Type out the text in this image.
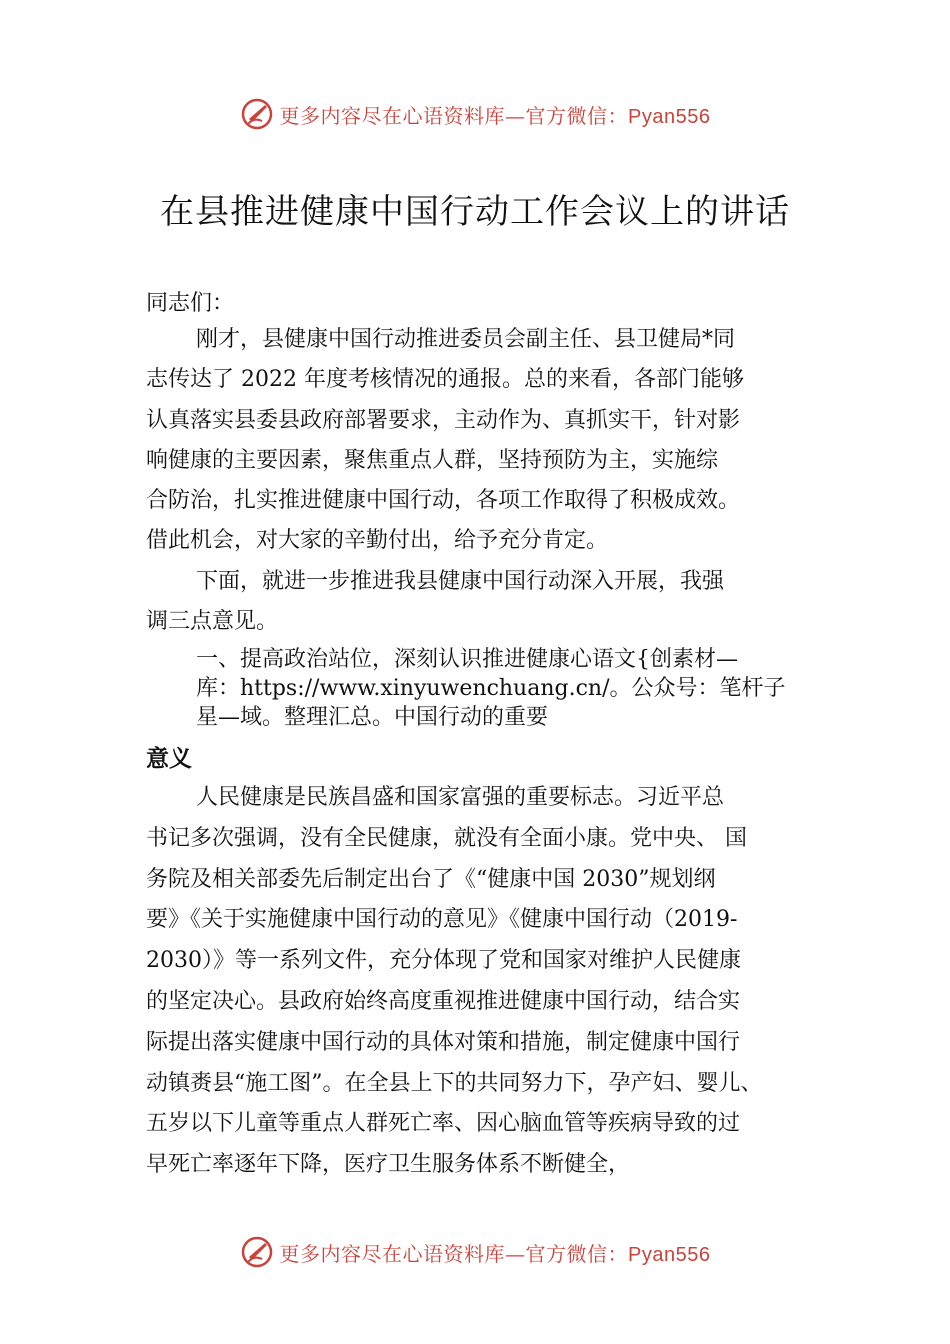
更多内容尽在心语资料库—官方微信：Pyan556
在县推进健康中国行动工作会议上的讲话

同志们：

刚才，县健康中国行动推进委员会副主任、县卫健局*同

志传达了 2022 年度考核情况的通报。总的来看，各部门能够

认真落实县委县政府部署要求，主动作为、真抓实干，针对影

响健康的主要因素，聚焦重点人群，坚持预防为主，实施综

合防治，扎实推进健康中国行动，各项工作取得了积极成效。

借此机会，对大家的辛勤付出，给予充分肯定。

下面，就进一步推进我县健康中国行动深入开展，我强

调三点意见。

一、提高政治站位，深刻认识推进健康心语文{创素材—

库：https://www.xinyuwenchuang.cn/。公众号：笔杆子

星—域。整理汇总。中国行动的重要

意义

人民健康是民族昌盛和国家富强的重要标志。习近平总

书记多次强调，没有全民健康，就没有全面小康。党中央、 国

务院及相关部委先后制定出台了《“健康中国 2030”规划纲

要》《关于实施健康中国行动的意见》《健康中国行动（2019-

2030）》等一系列文件，充分体现了党和国家对维护人民健康

的坚定决心。县政府始终高度重视推进健康中国行动，结合实

际提出落实健康中国行动的具体对策和措施，制定健康中国行

动镇赉县“施工图”。在全县上下的共同努力下，孕产妇、婴儿、

五岁以下儿童等重点人群死亡率、因心脑血管等疾病导致的过

早死亡率逐年下降，医疗卫生服务体系不断健全，

更多内容尽在心语资料库—官方微信：Pyan556
